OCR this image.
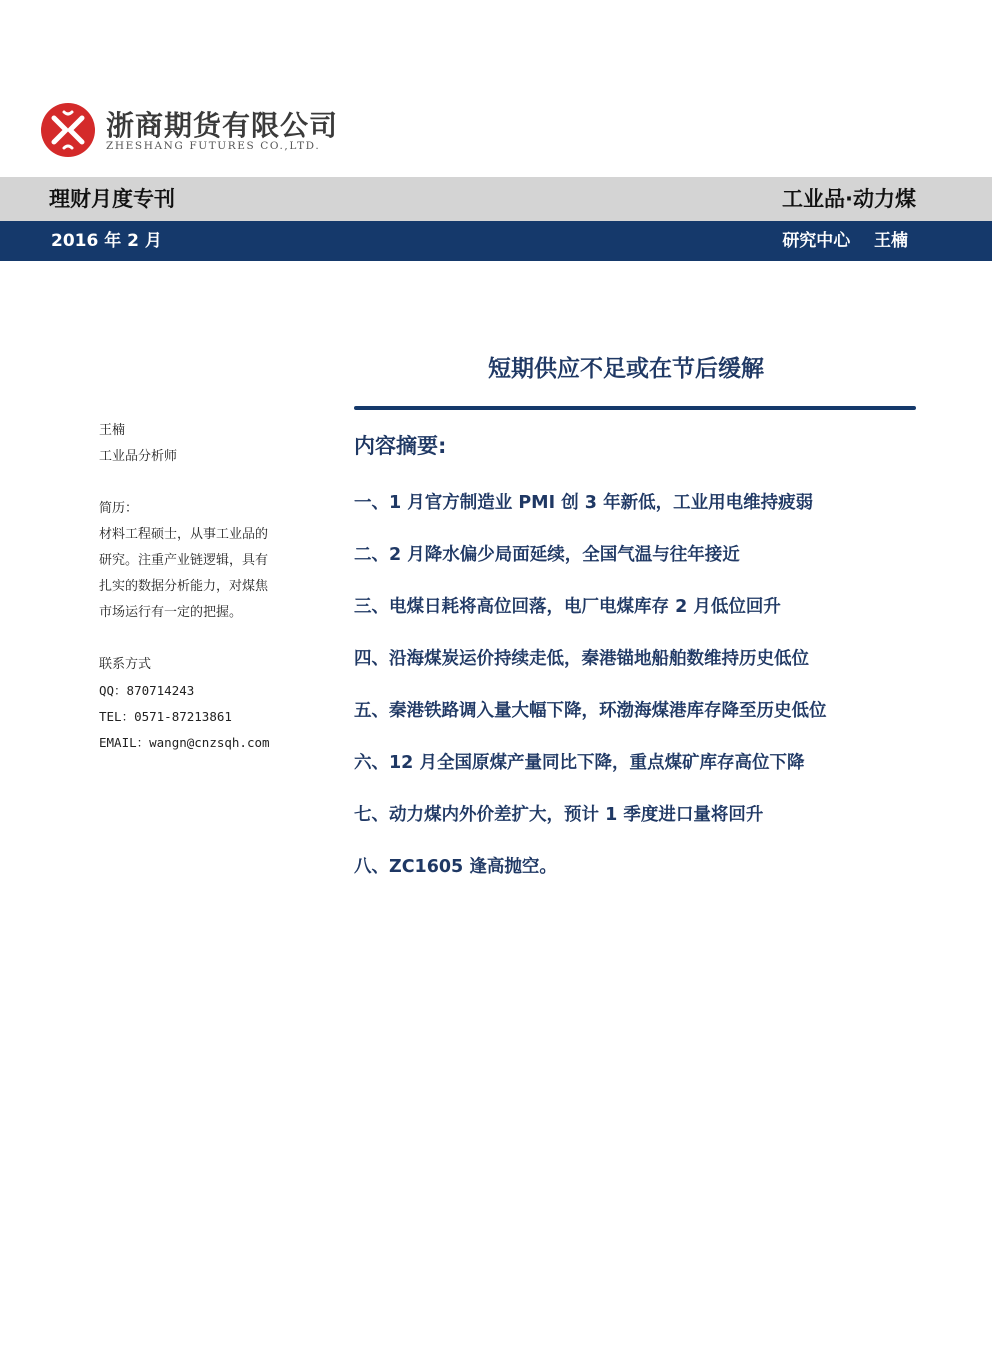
浙商期货有限公司
ZHESHANG FUTURES CO.,LTD.
理财月度专刊	工业品·动力煤
2016 年 2 月	研究中心    王楠
短期供应不足或在节后缓解
王楠
工业品分析师
简历：
材料工程硕士，从事工业品的
研究。注重产业链逻辑，具有
扎实的数据分析能力，对煤焦
市场运行有一定的把握。
联系方式
QQ：870714243
TEL：0571-87213861
EMAIL：wangn@cnzsqh.com
内容摘要:
一、1 月官方制造业 PMI 创 3 年新低，工业用电维持疲弱
二、2 月降水偏少局面延续，全国气温与往年接近
三、电煤日耗将高位回落，电厂电煤库存 2 月低位回升
四、沿海煤炭运价持续走低，秦港锚地船舶数维持历史低位
五、秦港铁路调入量大幅下降，环渤海煤港库存降至历史低位
六、12 月全国原煤产量同比下降，重点煤矿库存高位下降
七、动力煤内外价差扩大，预计 1 季度进口量将回升
八、ZC1605 逢高抛空。
